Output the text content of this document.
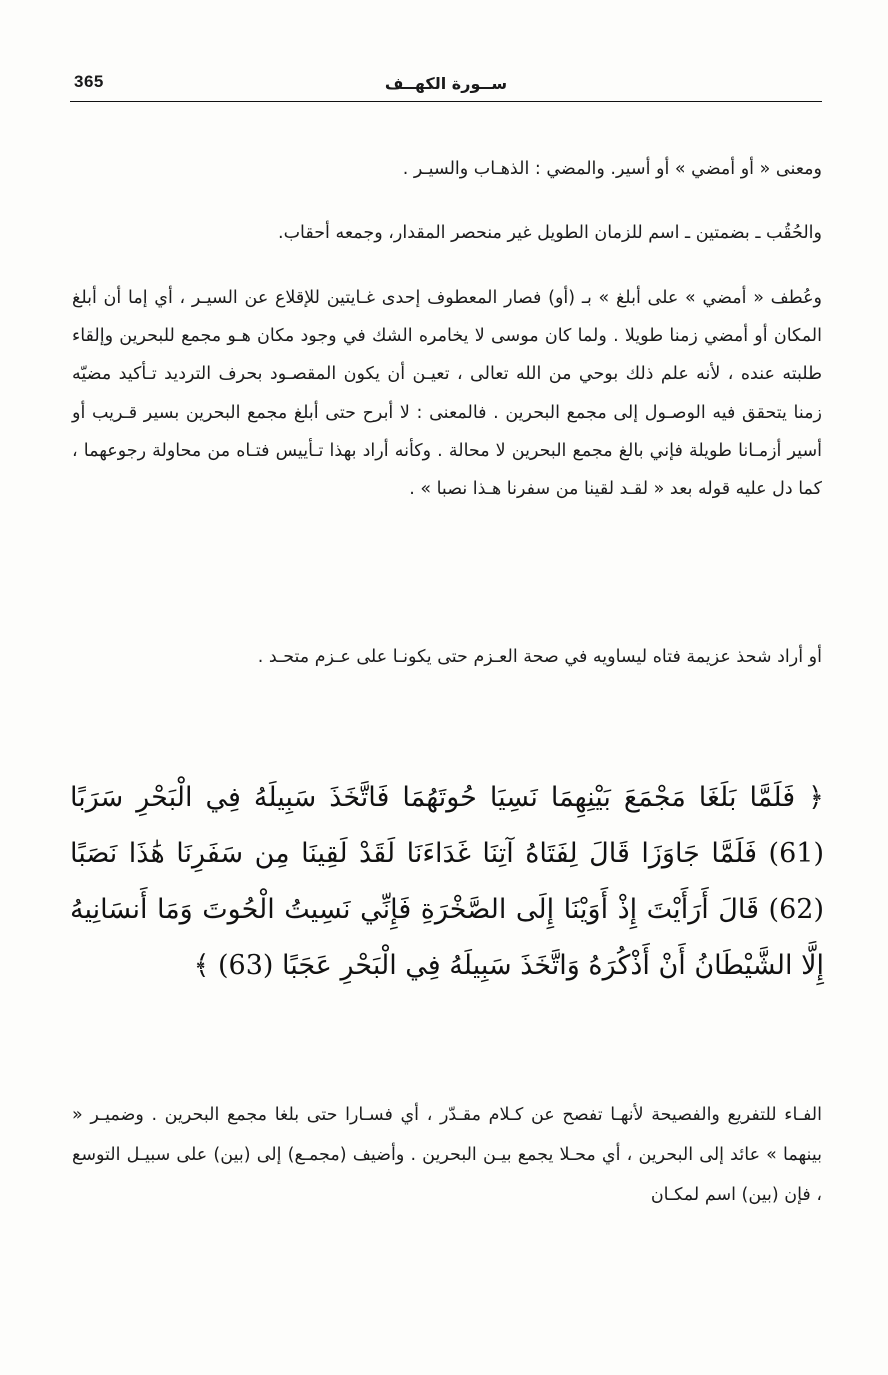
365	ســورة الكهــف

ومعنى « أو أمضي » أو أسير. والمضي : الذهـاب والسيـر .

والحُقُب ـ بضمتين ـ اسم للزمان الطويل غير منحصر المقدار، وجمعه أحقاب.

وعُطف « أمضي » على أبلغ » بـ (أو) فصار المعطوف إحدى غـايتين للإقلاع عن السيـر ، أي إما أن أبلغ المكان أو أمضي زمنا طويلا . ولما كان موسى لا يخامره الشك في وجود مكان هـو مجمع للبحرين وإلقاء طلبته عنده ، لأنه علم ذلك بوحي من الله تعالى ، تعيـن أن يكون المقصـود بحرف الترديد تـأكيد مضيّه زمنا يتحقق فيه الوصـول إلى مجمع البحرين . فالمعنى : لا أبرح حتى أبلغ مجمع البحرين بسير قـريب أو أسير أزمـانا طويلة فإني بالغ مجمع البحرين لا محالة . وكأنه أراد بهذا تـأييس فتـاه من محاولة رجوعهما ، كما دل عليه قوله بعد « لقـد لقينا من سفرنا هـذا نصبا » .

أو أراد شحذ عزيمة فتاه ليساويه في صحة العـزم حتى يكونـا على عـزم متحـد .

﴿ فَلَمَّا بَلَغَا مَجْمَعَ بَيْنِهِمَا نَسِيَا حُوتَهُمَا فَاتَّخَذَ سَبِيلَهُ فِي الْبَحْرِ سَرَبًا (61) فَلَمَّا جَاوَزَا قَالَ لِفَتَاهُ آتِنَا غَدَاءَنَا لَقَدْ لَقِينَا مِن سَفَرِنَا هَٰذَا نَصَبًا (62) قَالَ أَرَأَيْتَ إِذْ أَوَيْنَا إِلَى الصَّخْرَةِ فَإِنِّي نَسِيتُ الْحُوتَ وَمَا أَنسَانِيهُ إِلَّا الشَّيْطَانُ أَنْ أَذْكُرَهُ وَاتَّخَذَ سَبِيلَهُ فِي الْبَحْرِ عَجَبًا (63) ﴾

الفـاء للتفريع والفصيحة لأنهـا تفصح عن كـلام مقـدّر ، أي فسـارا حتى بلغا مجمع البحرين . وضميـر « بينهما » عائد إلى البحرين ، أي محـلا يجمع بيـن البحرين . وأضيف (مجمـع) إلى (بين) على سبيـل التوسع ، فإن (بين) اسم لمكـان
